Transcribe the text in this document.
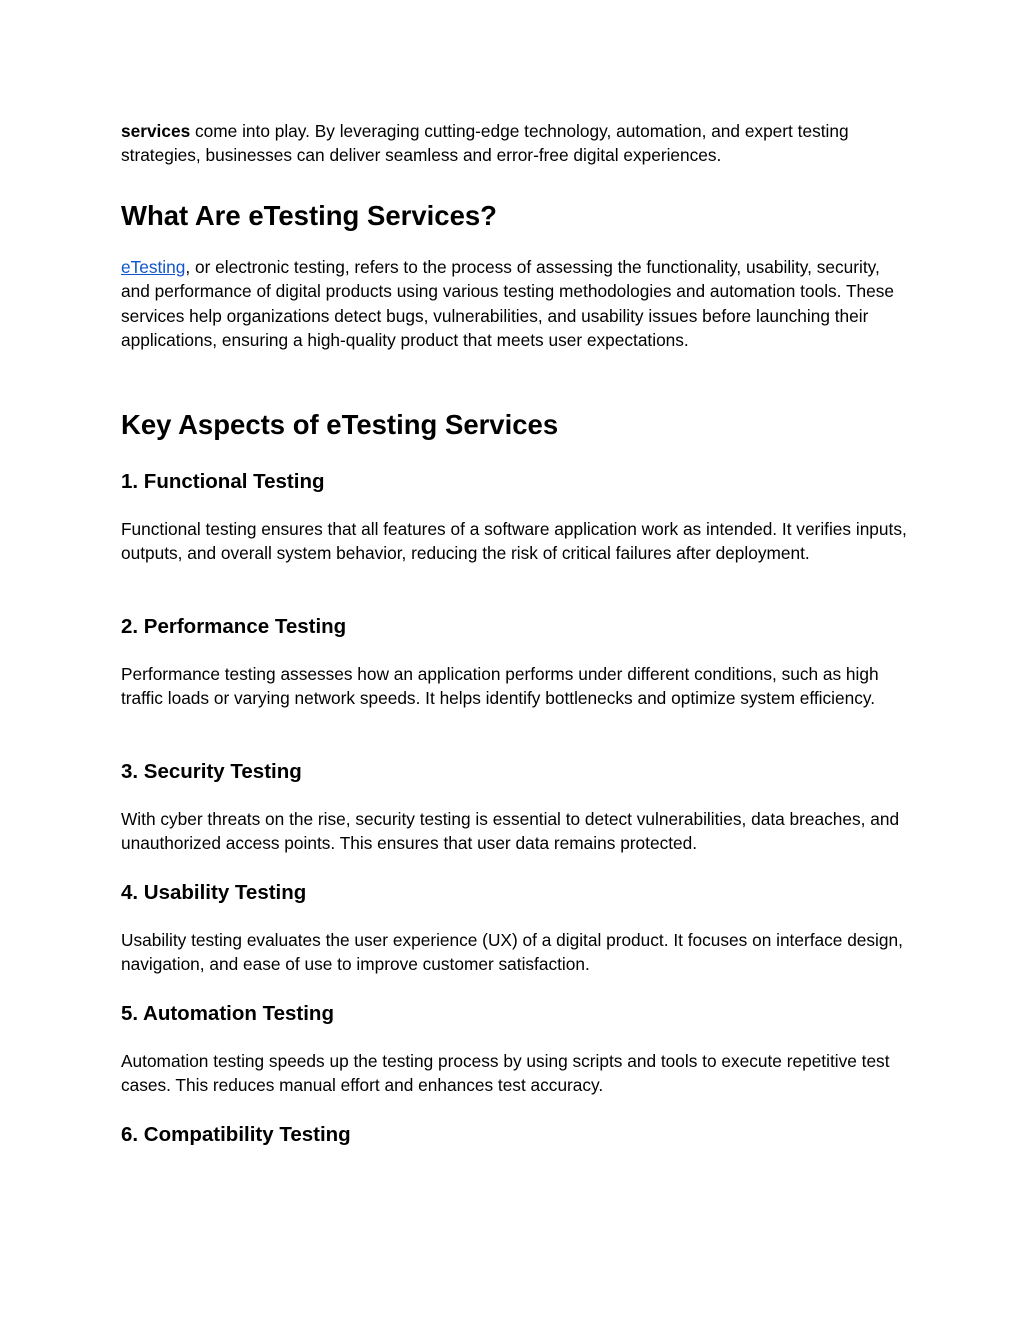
services come into play. By leveraging cutting-edge technology, automation, and expert testing strategies, businesses can deliver seamless and error-free digital experiences.

What Are eTesting Services?

eTesting, or electronic testing, refers to the process of assessing the functionality, usability, security, and performance of digital products using various testing methodologies and automation tools. These services help organizations detect bugs, vulnerabilities, and usability issues before launching their applications, ensuring a high-quality product that meets user expectations.

Key Aspects of eTesting Services
1. Functional Testing

Functional testing ensures that all features of a software application work as intended. It verifies inputs, outputs, and overall system behavior, reducing the risk of critical failures after deployment.

2. Performance Testing

Performance testing assesses how an application performs under different conditions, such as high traffic loads or varying network speeds. It helps identify bottlenecks and optimize system efficiency.

3. Security Testing

With cyber threats on the rise, security testing is essential to detect vulnerabilities, data breaches, and unauthorized access points. This ensures that user data remains protected.

4. Usability Testing

Usability testing evaluates the user experience (UX) of a digital product. It focuses on interface design, navigation, and ease of use to improve customer satisfaction.

5. Automation Testing

Automation testing speeds up the testing process by using scripts and tools to execute repetitive test cases. This reduces manual effort and enhances test accuracy.

6. Compatibility Testing
